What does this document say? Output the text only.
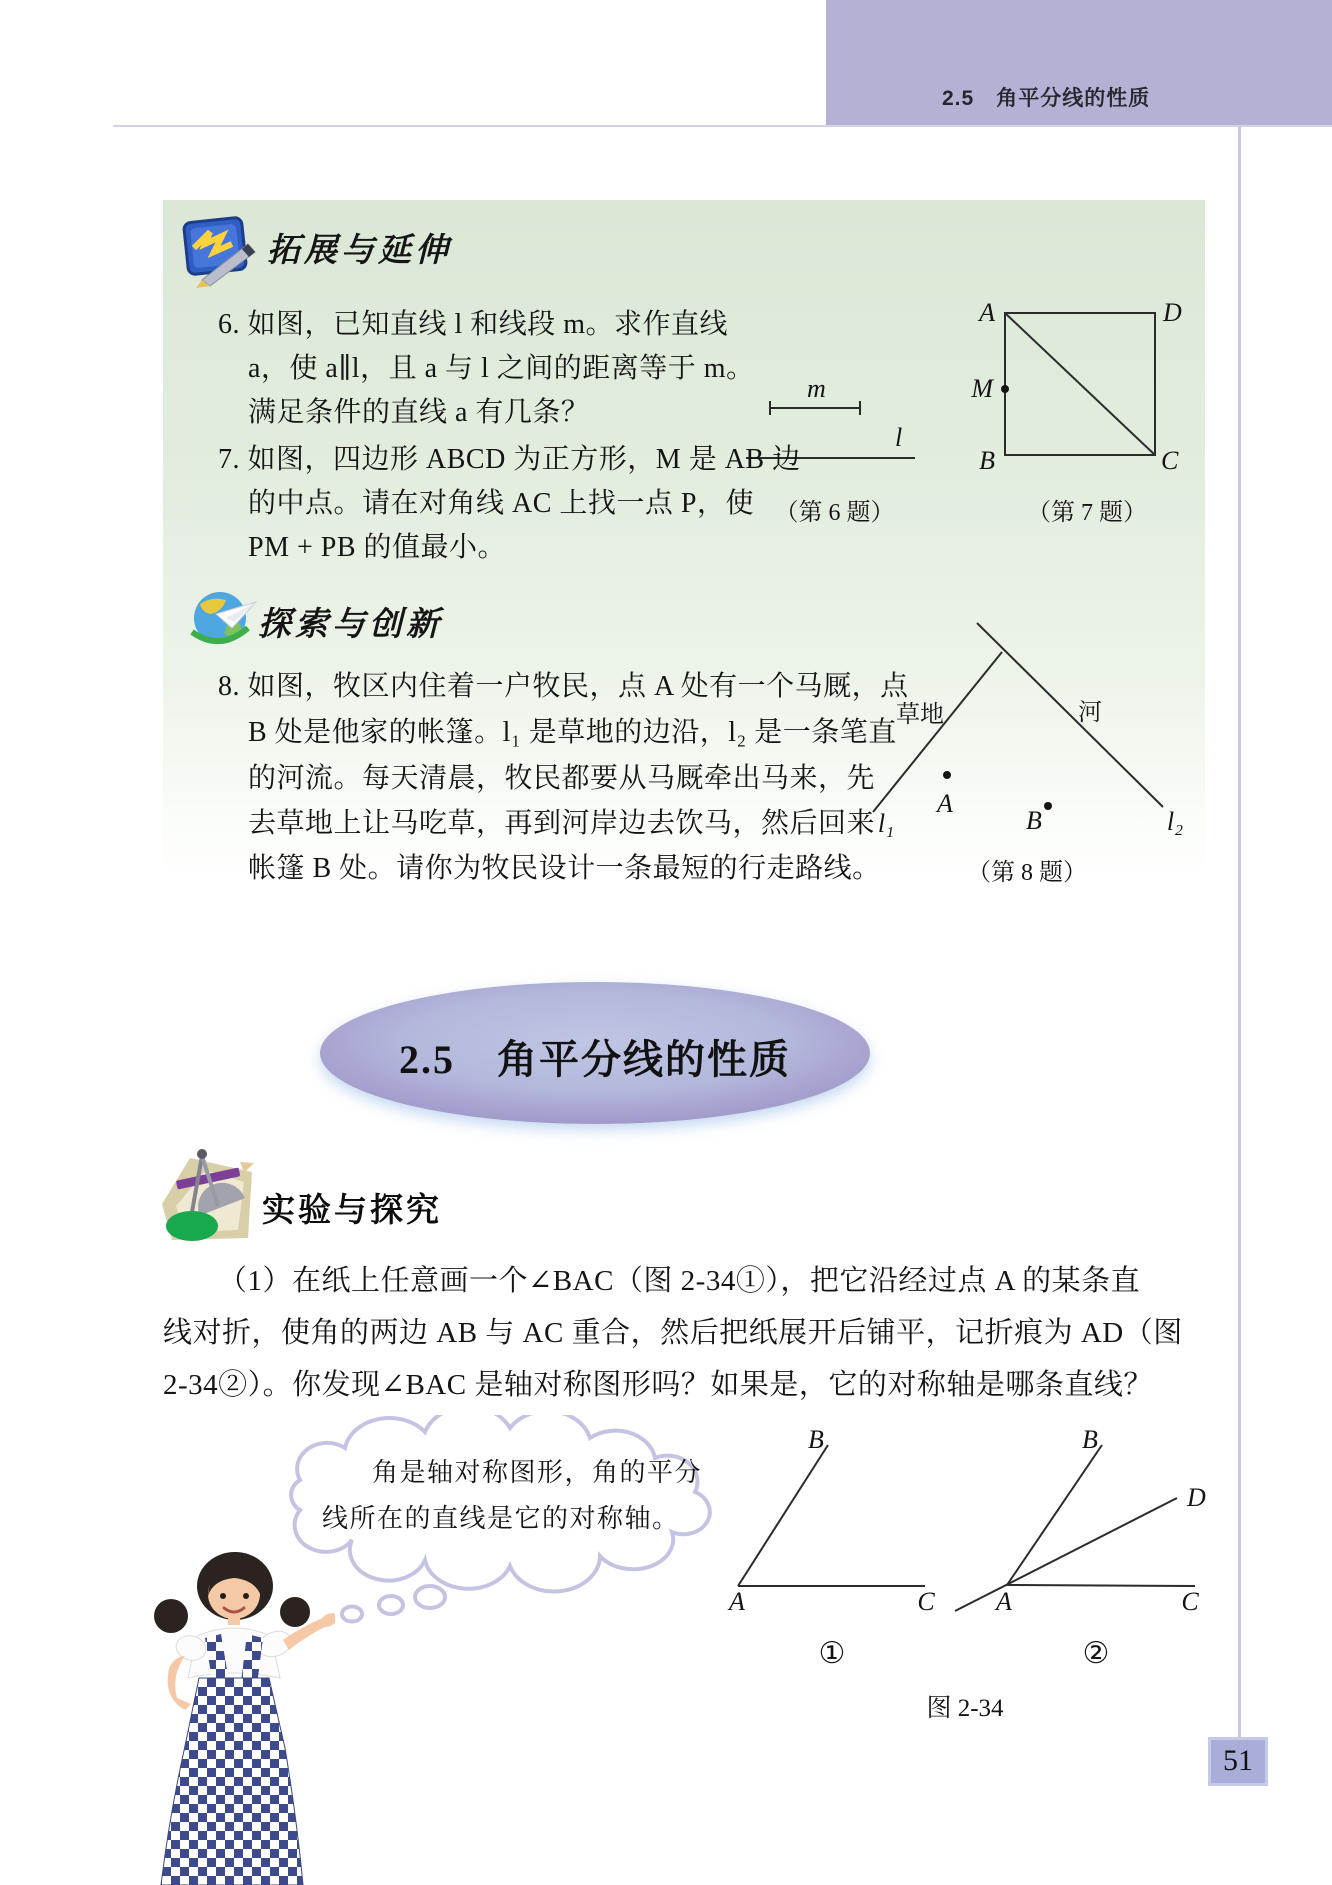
2.5　角平分线的性质
拓展与延伸
6. 如图，已知直线 l 和线段 m。求作直线
a，使 a∥l，且 a 与 l 之间的距离等于 m。
满足条件的直线 a 有几条？
m
l
（第 6 题）
7. 如图，四边形 ABCD 为正方形，M 是 AB 边
的中点。请在对角线 AC 上找一点 P，使
PM + PB 的值最小。
A	D
M
B	C
（第 7 题）
探索与创新
8. 如图，牧区内住着一户牧民，点 A 处有一个马厩，点
B 处是他家的帐篷。l₁ 是草地的边沿，l₂ 是一条笔直
的河流。每天清晨，牧民都要从马厩牵出马来，先
去草地上让马吃草，再到河岸边去饮马，然后回来
帐篷 B 处。请你为牧民设计一条最短的行走路线。
草地	河
A
B
l₁	l₂
（第 8 题）
2.5　角平分线的性质
实验与探究
（1）在纸上任意画一个∠BAC（图 2-34①），把它沿经过点 A 的某条直
线对折，使角的两边 AB 与 AC 重合，然后把纸展开后铺平，记折痕为 AD（图
2-34②）。你发现∠BAC 是轴对称图形吗？如果是，它的对称轴是哪条直线？
角是轴对称图形，角的平分
线所在的直线是它的对称轴。
B
A	C
①
B
D
A	C
②
图 2-34
51
